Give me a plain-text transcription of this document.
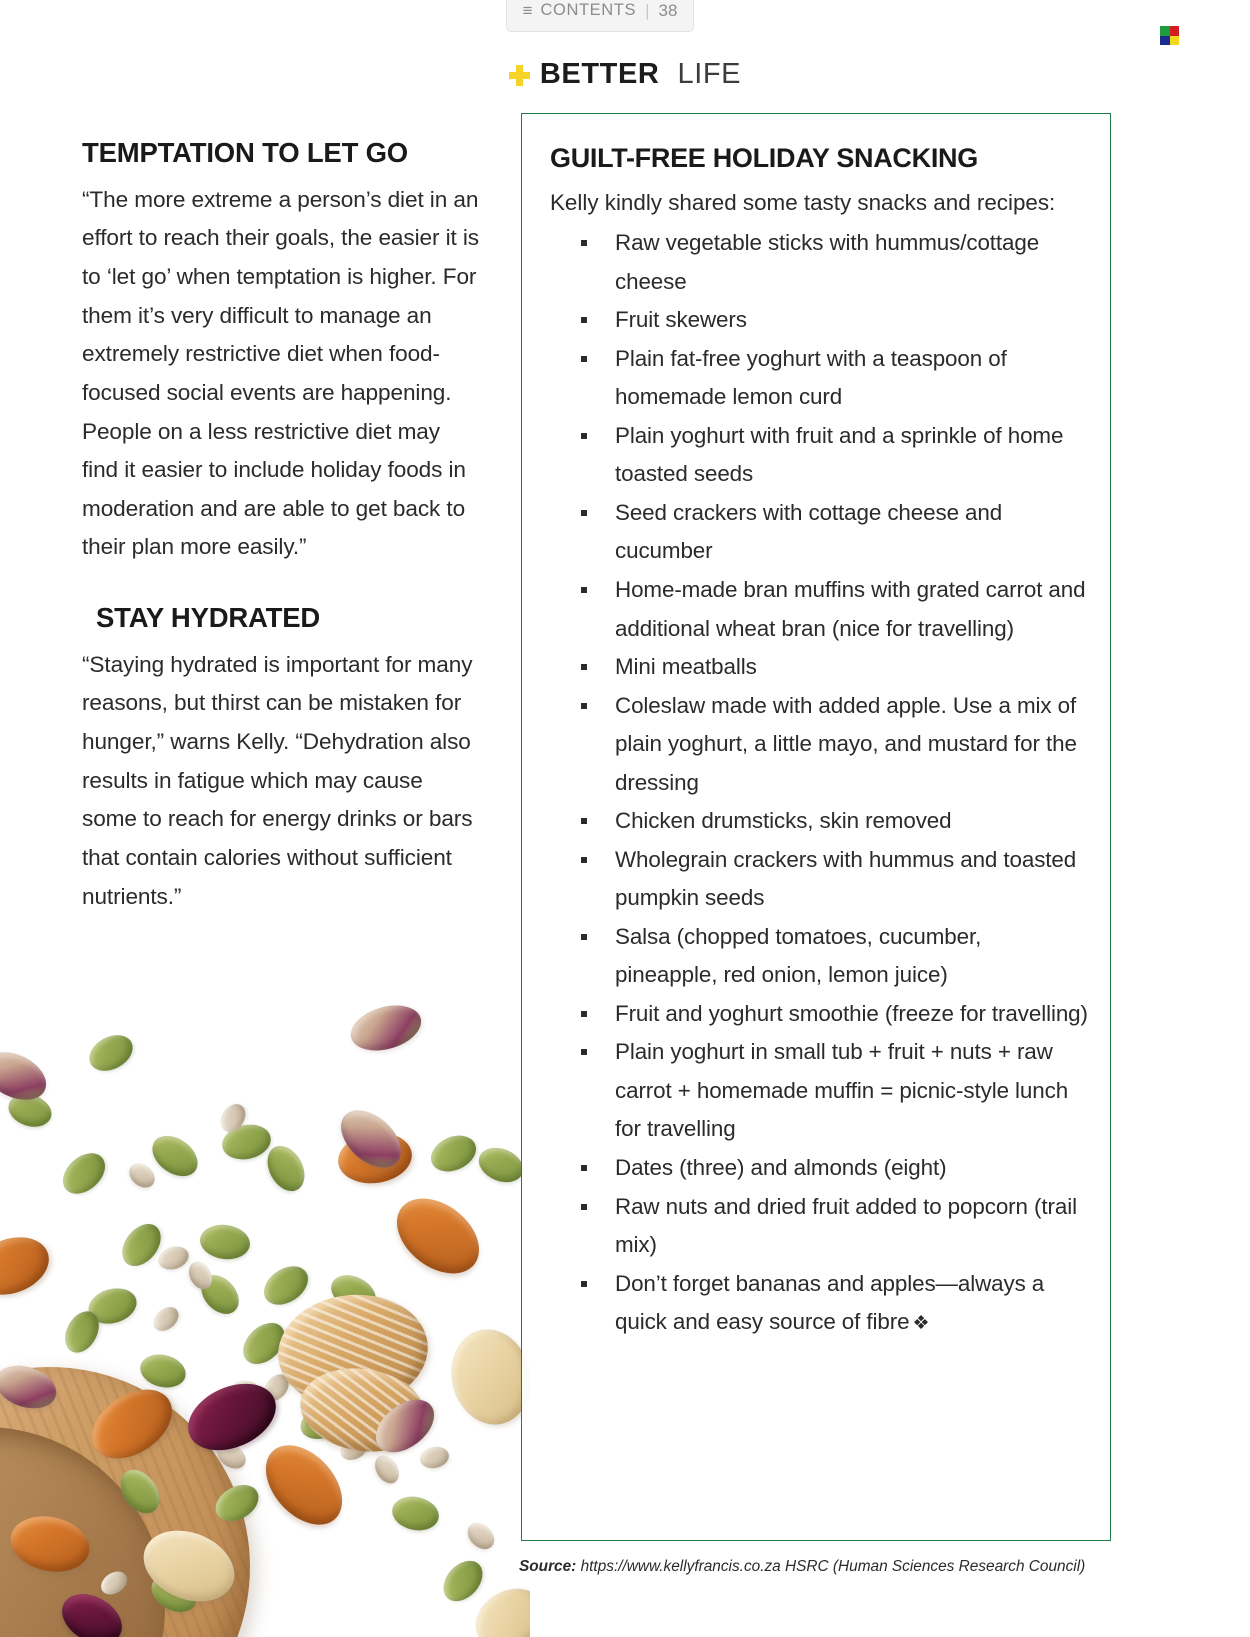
≡ CONTENTS | 38
BETTER LIFE
TEMPTATION TO LET GO

“The more extreme a person’s diet in an effort to reach their goals, the easier it is to ‘let go’ when temptation is higher. For them it’s very difficult to manage an extremely restrictive diet when food-focused social events are happening. People on a less restrictive diet may find it easier to include holiday foods in moderation and are able to get back to their plan more easily.”

STAY HYDRATED

“Staying hydrated is important for many reasons, but thirst can be mistaken for hunger,” warns Kelly. “Dehydration also results in fatigue which may cause some to reach for energy drinks or bars that contain calories without sufficient nutrients.”

GUILT-FREE HOLIDAY SNACKING

Kelly kindly shared some tasty snacks and recipes:

Raw vegetable sticks with hummus/cottage cheese
Fruit skewers
Plain fat-free yoghurt with a teaspoon of homemade lemon curd
Plain yoghurt with fruit and a sprinkle of home toasted seeds
Seed crackers with cottage cheese and cucumber
Home-made bran muffins with grated carrot and additional wheat bran (nice for travelling)
Mini meatballs
Coleslaw made with added apple. Use a mix of plain yoghurt, a little mayo, and mustard for the dressing
Chicken drumsticks, skin removed
Wholegrain crackers with hummus and toasted pumpkin seeds
Salsa (chopped tomatoes, cucumber, pineapple, red onion, lemon juice)
Fruit and yoghurt smoothie (freeze for travelling)
Plain yoghurt in small tub + fruit + nuts + raw carrot + homemade muffin = picnic-style lunch for travelling
Dates (three) and almonds (eight)
Raw nuts and dried fruit added to popcorn (trail mix)
Don’t forget bananas and apples—always a quick and easy source of fibre ❖
Source: https://www.kellyfrancis.co.za HSRC (Human Sciences Research Council)
